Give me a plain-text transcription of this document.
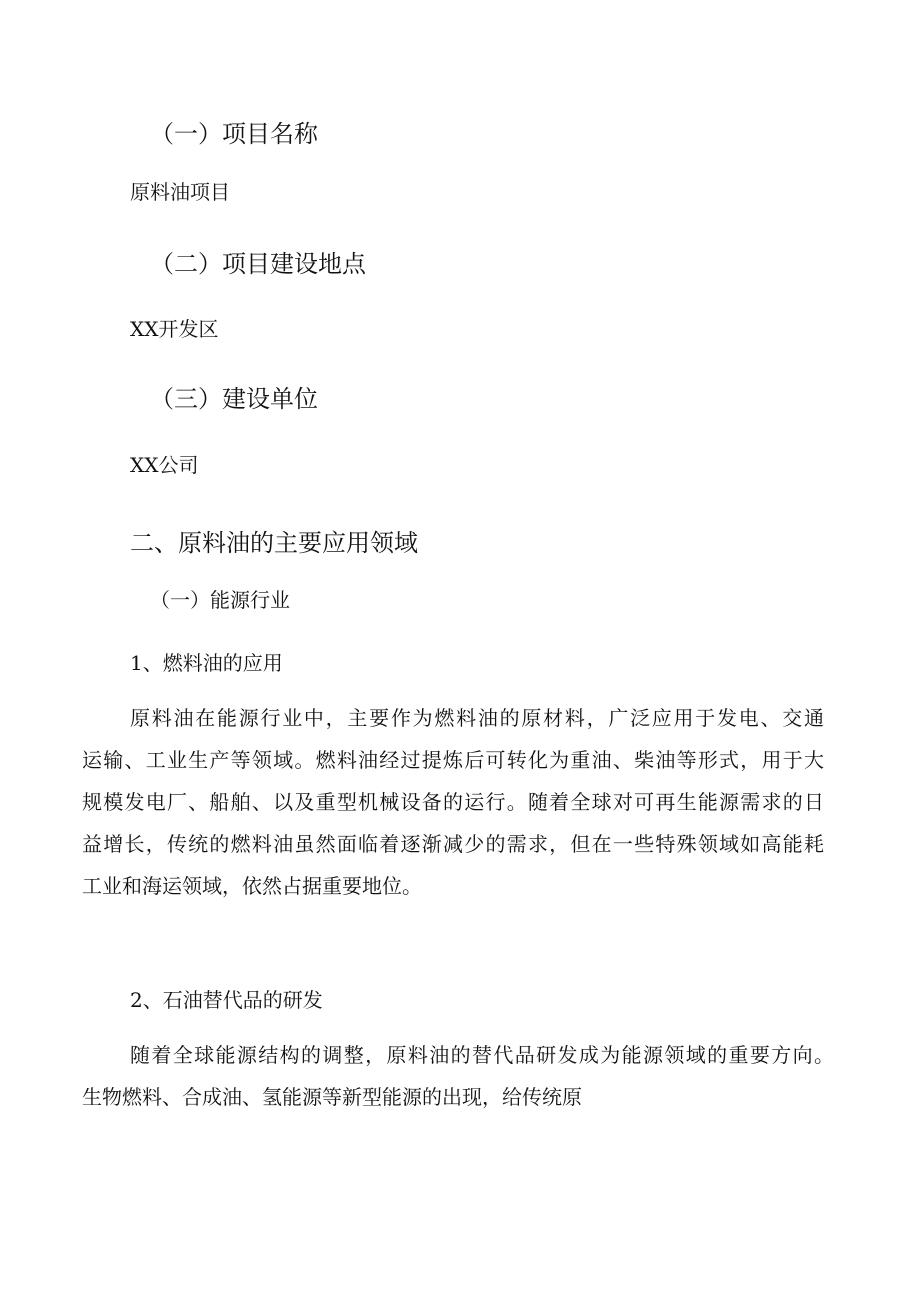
（一）项目名称
原料油项目
（二）项目建设地点
XX开发区
（三）建设单位
XX公司
二、原料油的主要应用领域
（一）能源行业
1、燃料油的应用
原料油在能源行业中，主要作为燃料油的原材料，广泛应用于发电、交通
运输、工业生产等领域。燃料油经过提炼后可转化为重油、柴油等形式，用于大
规模发电厂、船舶、以及重型机械设备的运行。随着全球对可再生能源需求的日
益增长，传统的燃料油虽然面临着逐渐减少的需求，但在一些特殊领域如高能耗
工业和海运领域，依然占据重要地位。
2、石油替代品的研发
随着全球能源结构的调整，原料油的替代品研发成为能源领域的重要方向。
生物燃料、合成油、氢能源等新型能源的出现，给传统原
